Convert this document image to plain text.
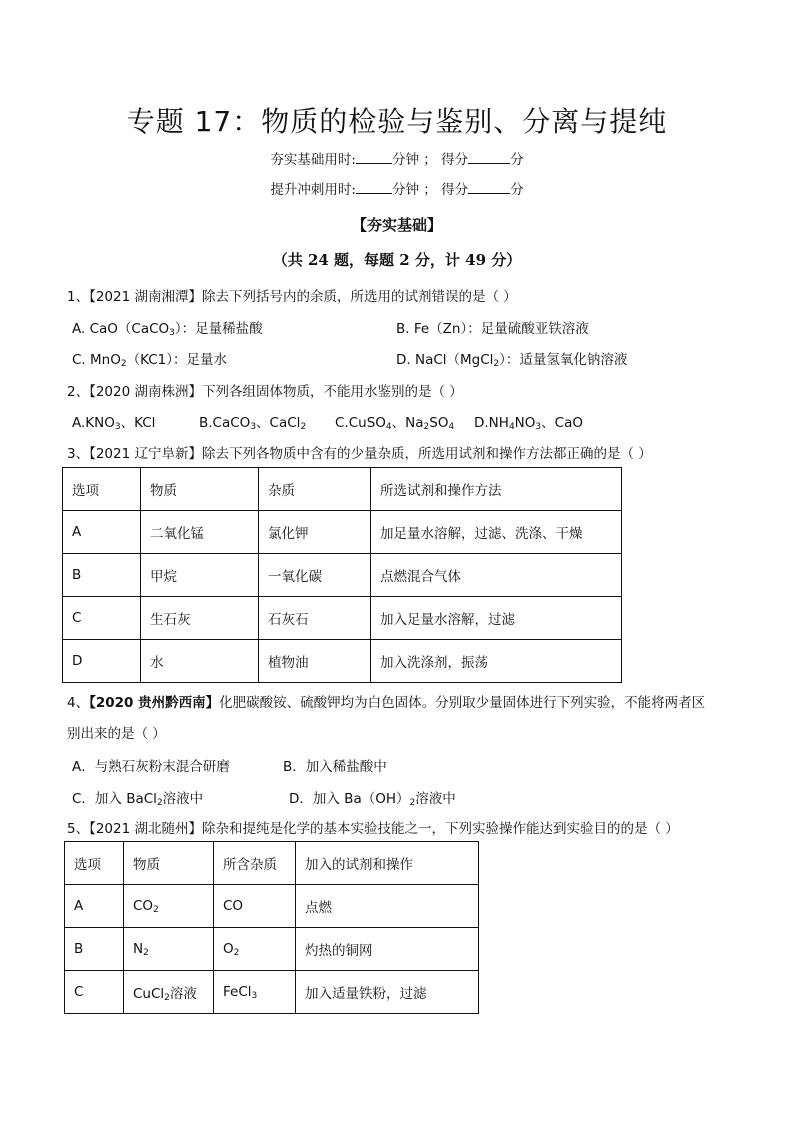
专题 17：物质的检验与鉴别、分离与提纯
夯实基础用时:	分钟 ； 得分	分
提升冲刺用时:	分钟 ； 得分	分
【夯实基础】
（共 24 题，每题 2 分，计 49 分）
1、【2021 湖南湘潭】除去下列括号内的余质，所选用的试剂错误的是（ ）
A. CaO（CaCO$_3$）：足量稀盐酸	B. Fe（Zn）：足量硫酸亚铁溶液
C. MnO$_2$（KC1）：足量水	D. NaCl（MgCl$_2$）：适量氢氧化钠溶液
2、【2020 湖南株洲】下列各组固体物质，不能用水鉴别的是（ ）
$A.KNO_3$、KCl	B.CaCO$_3$、CaCl$_2$ C.CuSO$_4$、$Na_2SO_4$ $D.NH_4NO_3$、CaO
3、【2021 辽宁阜新】除去下列各物质中含有的少量杂质，所选用试剂和操作方法都正确的是（ ）
选项	物质	杂质	所选试剂和操作方法
A	二氧化锰	氯化钾	加足量水溶解，过滤、洗涤、干燥
B	甲烷	一氧化碳	点燃混合气体
C	生石灰	石灰石	加入足量水溶解，过滤
D	水	植物油	加入洗涤剂，振荡
4、【2020 贵州黔西南】化肥碳酸铵、硫酸钾均为白色固体。分别取少量固体进行下列实验，不能将两者区
别出来的是（ ）
A．与熟石灰粉末混合研磨	B．加入稀盐酸中
C．加入 BaCl$_2$溶液中	D．加入 $Ba(OH)_2$溶液中
5、【2021 湖北随州】除杂和提纯是化学的基本实验技能之一，下列实验操作能达到实验目的的是（ ）
选项	物质	所含杂质	加入的试剂和操作
A	$CO_2$	CO	点燃
B	$N_2$	$O_2$	灼热的铜网
C	CuCl$_2$溶液	FeCl$_3$	加入适量铁粉，过滤
